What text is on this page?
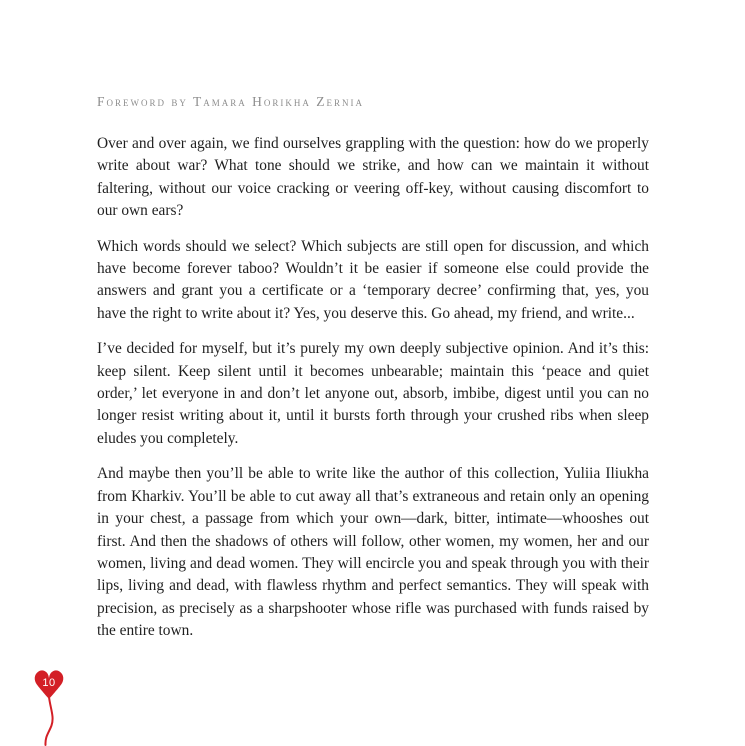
Foreword by Tamara Horikha Zernia

Over and over again, we find ourselves grappling with the question: how do we properly write about war? What tone should we strike, and how can we maintain it without faltering, without our voice cracking or veering off-key, without causing discomfort to our own ears?

Which words should we select? Which subjects are still open for discussion, and which have become forever taboo? Wouldn’t it be easier if someone else could provide the answers and grant you a certificate or a ‘temporary decree’ confirming that, yes, you have the right to write about it? Yes, you deserve this. Go ahead, my friend, and write...

I’ve decided for myself, but it’s purely my own deeply subjective opinion. And it’s this: keep silent. Keep silent until it becomes unbearable; maintain this ‘peace and quiet order,’ let everyone in and don’t let anyone out, absorb, imbibe, digest until you can no longer resist writing about it, until it bursts forth through your crushed ribs when sleep eludes you completely.

And maybe then you’ll be able to write like the author of this collection, Yuliia Iliukha from Kharkiv. You’ll be able to cut away all that’s extraneous and retain only an opening in your chest, a passage from which your own—dark, bitter, intimate—whooshes out first. And then the shadows of others will follow, other women, my women, her and our women, living and dead women. They will encircle you and speak through you with their lips, living and dead, with flawless rhythm and perfect semantics. They will speak with precision, as precisely as a sharpshooter whose rifle was purchased with funds raised by the entire town.

10
